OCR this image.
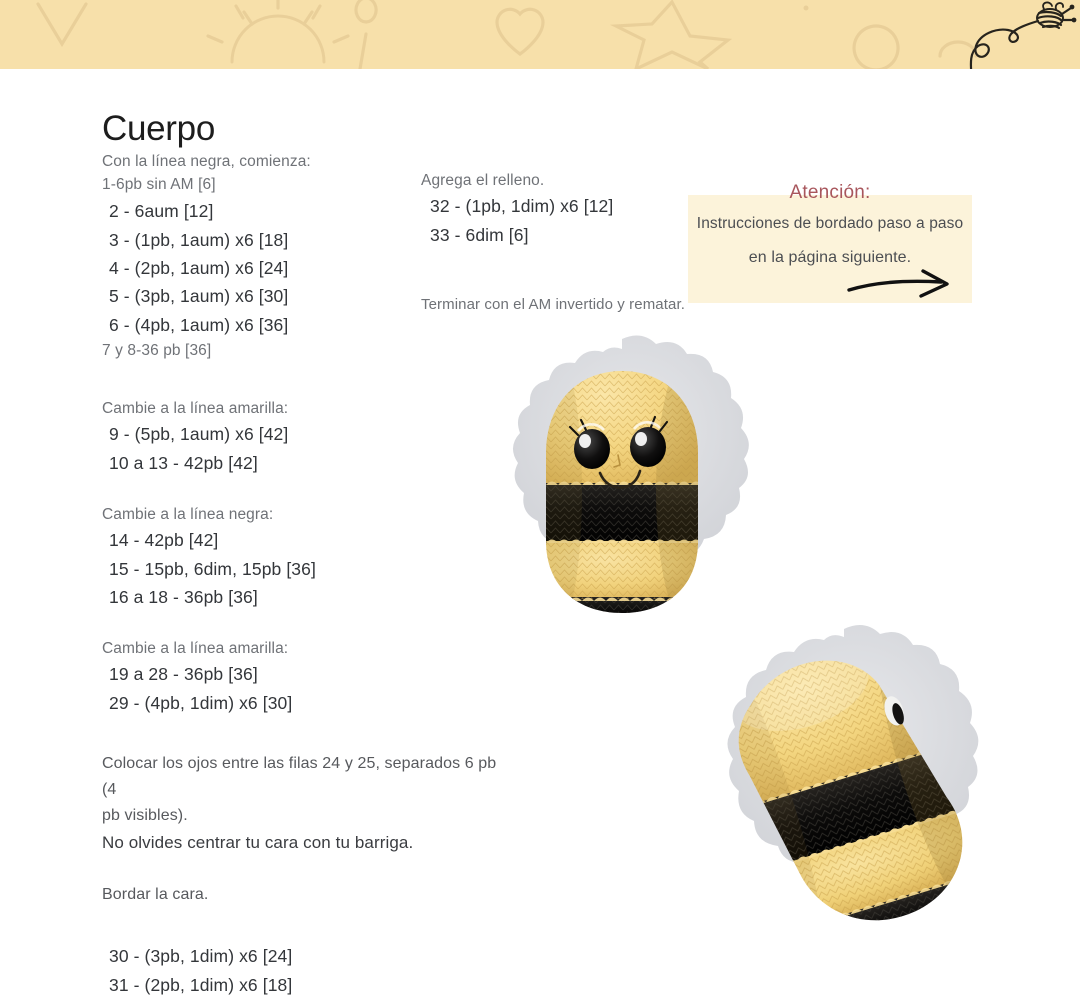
Cuerpo

Con la línea negra, comienza:

1-6pb sin AM [6]

2 - 6aum [12]

3 - (1pb, 1aum) x6 [18]

4 - (2pb, 1aum) x6 [24]

5 - (3pb, 1aum) x6 [30]

6 - (4pb, 1aum) x6 [36]

7 y 8-36 pb [36]

Cambie a la línea amarilla:

9 - (5pb, 1aum) x6 [42]

10 a 13 - 42pb [42]

Cambie a la línea negra:

14 - 42pb [42]

15 - 15pb, 6dim, 15pb [36]

16 a 18 - 36pb [36]

Cambie a la línea amarilla:

19 a 28 - 36pb [36]

29 - (4pb, 1dim) x6 [30]

Colocar los ojos entre las filas 24 y 25, separados 6 pb (4

pb visibles).

No olvides centrar tu cara con tu barriga.

Bordar la cara.

30 - (3pb, 1dim) x6 [24]

31 - (2pb, 1dim) x6 [18]

Agrega el relleno.

32 - (1pb, 1dim) x6 [12]

33 - 6dim [6]

Terminar con el AM invertido y rematar.

Atención:
Instrucciones de bordado paso a paso
en la página siguiente.
